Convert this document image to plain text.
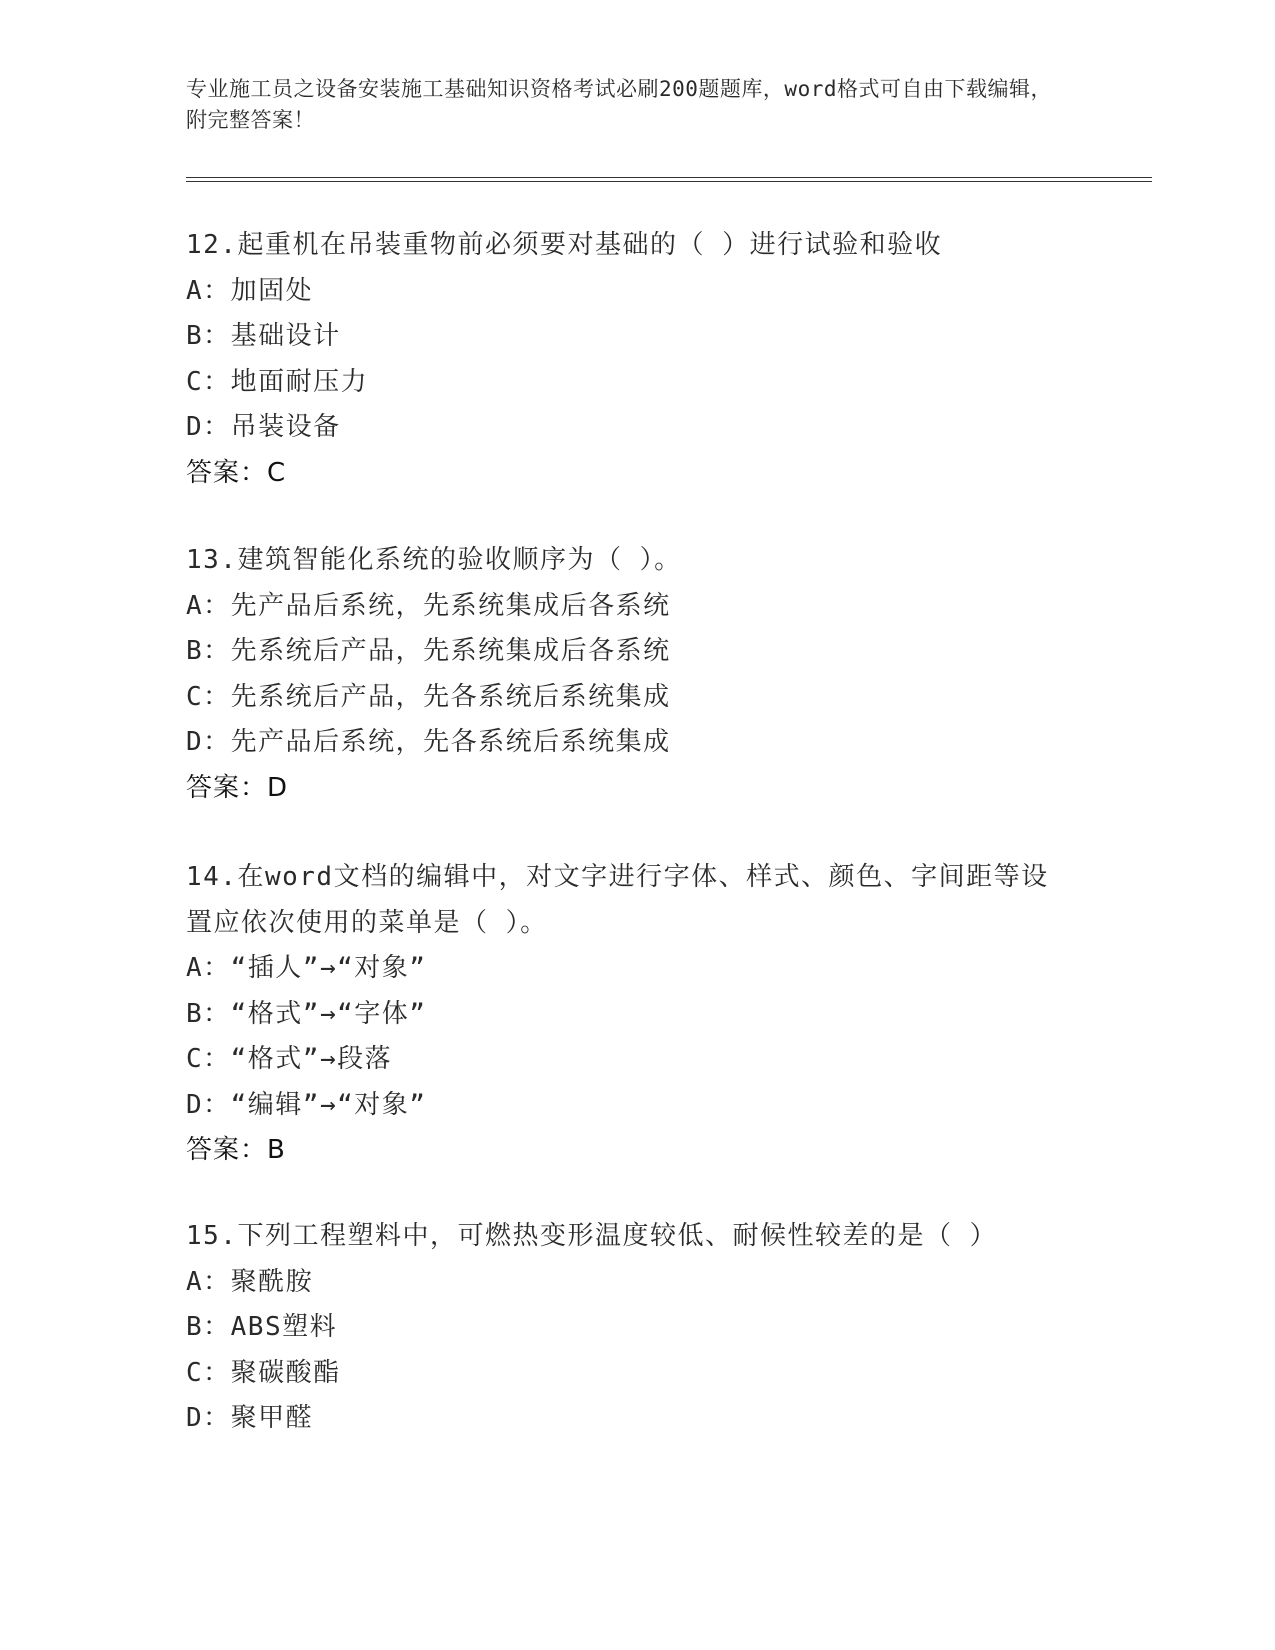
专业施工员之设备安装施工基础知识资格考试必刷200题题库，word格式可自由下载编辑，附完整答案！

12.起重机在吊装重物前必须要对基础的（ ）进行试验和验收

A：加固处

B：基础设计

C：地面耐压力

D：吊装设备

答案：C

13.建筑智能化系统的验收顺序为（ ）。

A：先产品后系统，先系统集成后各系统

B：先系统后产品，先系统集成后各系统

C：先系统后产品，先各系统后系统集成

D：先产品后系统，先各系统后系统集成

答案：D

14.在word文档的编辑中，对文字进行字体、样式、颜色、字间距等设置应依次使用的菜单是（ ）。

A：“插人”→“对象”

B：“格式”→“字体”

C：“格式”→段落

D：“编辑”→“对象”

答案：B

15.下列工程塑料中，可燃热变形温度较低、耐候性较差的是（ ）

A：聚酰胺

B：ABS塑料

C：聚碳酸酯

D：聚甲醛
